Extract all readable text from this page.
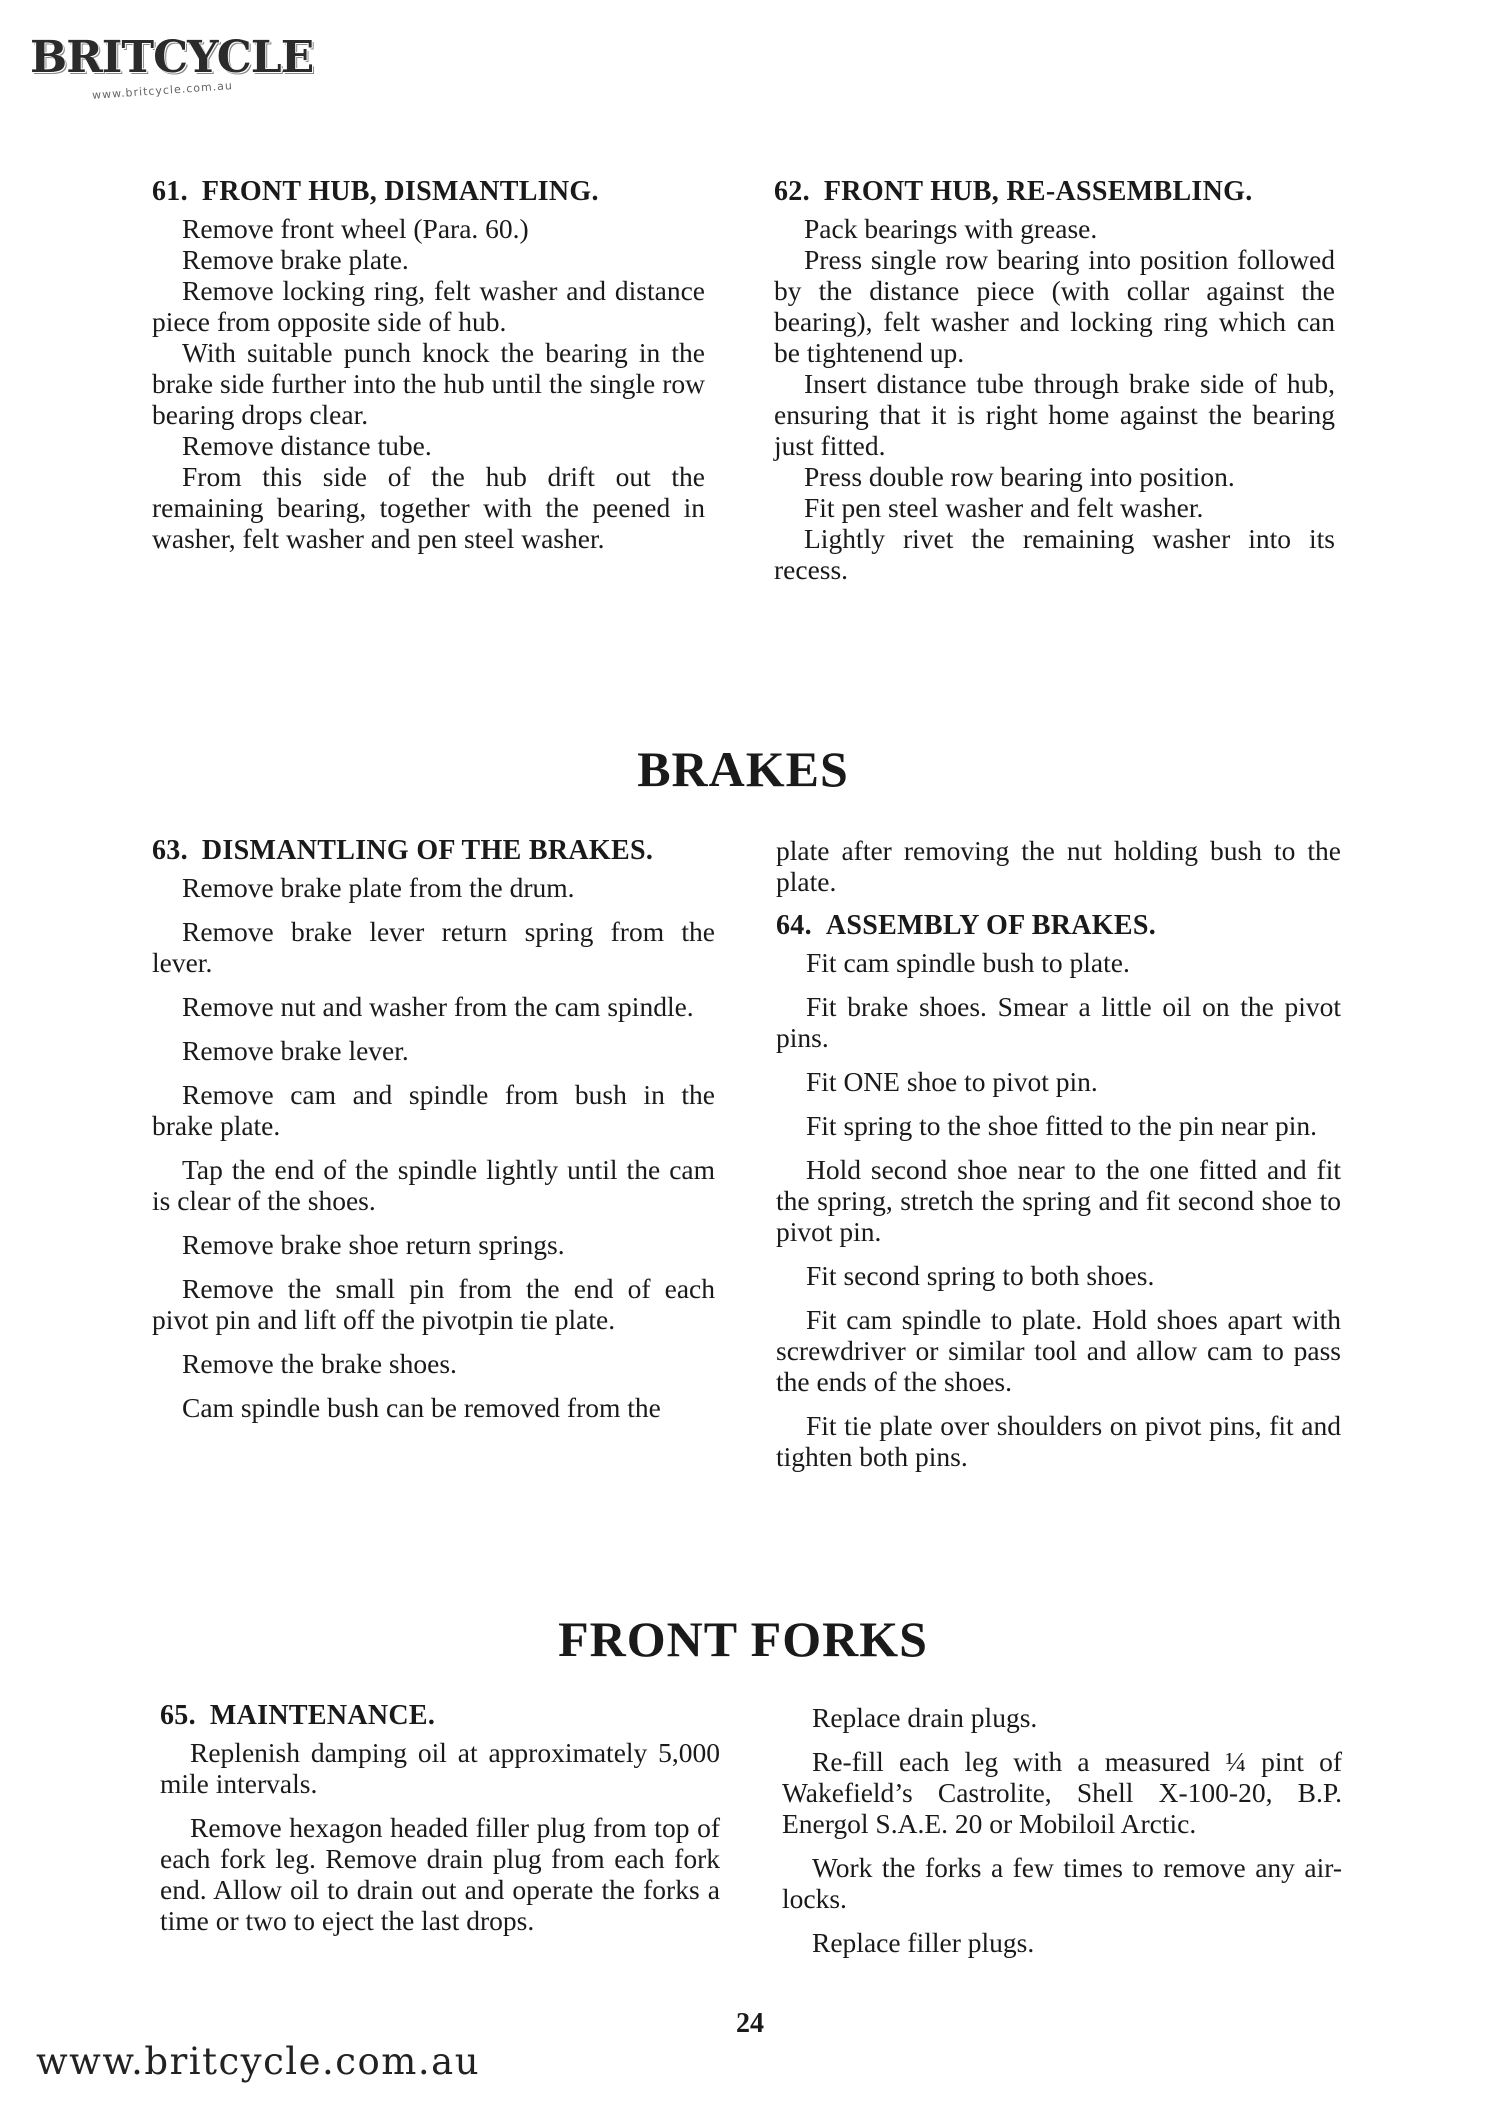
BRITCYCLE
www.britcycle.com.au
61. FRONT HUB, DISMANTLING.

Remove front wheel (Para. 60.)

Remove brake plate.

Remove locking ring, felt washer and distance piece from opposite side of hub.

With suitable punch knock the bearing in the brake side further into the hub until the single row bearing drops clear.

Remove distance tube.

From this side of the hub drift out the remaining bearing, together with the peened in washer, felt washer and pen steel washer.

62. FRONT HUB, RE-ASSEMBLING.

Pack bearings with grease.

Press single row bearing into position followed by the distance piece (with collar against the bearing), felt washer and locking ring which can be tightenend up.

Insert distance tube through brake side of hub, ensuring that it is right home against the bearing just fitted.

Press double row bearing into position.

Fit pen steel washer and felt washer.

Lightly rivet the remaining washer into its recess.

BRAKES
63. DISMANTLING OF THE BRAKES.

Remove brake plate from the drum.

Remove brake lever return spring from the lever.

Remove nut and washer from the cam spindle.

Remove brake lever.

Remove cam and spindle from bush in the brake plate.

Tap the end of the spindle lightly until the cam is clear of the shoes.

Remove brake shoe return springs.

Remove the small pin from the end of each pivot pin and lift off the pivotpin tie plate.

Remove the brake shoes.

Cam spindle bush can be removed from the

plate after removing the nut holding bush to the plate.

64. ASSEMBLY OF BRAKES.

Fit cam spindle bush to plate.

Fit brake shoes. Smear a little oil on the pivot pins.

Fit ONE shoe to pivot pin.

Fit spring to the shoe fitted to the pin near pin.

Hold second shoe near to the one fitted and fit the spring, stretch the spring and fit second shoe to pivot pin.

Fit second spring to both shoes.

Fit cam spindle to plate. Hold shoes apart with screwdriver or similar tool and allow cam to pass the ends of the shoes.

Fit tie plate over shoulders on pivot pins, fit and tighten both pins.

FRONT FORKS
65. MAINTENANCE.

Replenish damping oil at approximately 5,000 mile intervals.

Remove hexagon headed filler plug from top of each fork leg. Remove drain plug from each fork end. Allow oil to drain out and operate the forks a time or two to eject the last drops.

Replace drain plugs.

Re-fill each leg with a measured ¼ pint of Wakefield’s Castrolite, Shell X-100-20, B.P. Energol S.A.E. 20 or Mobiloil Arctic.

Work the forks a few times to remove any air-locks.

Replace filler plugs.

24
www.britcycle.com.au
